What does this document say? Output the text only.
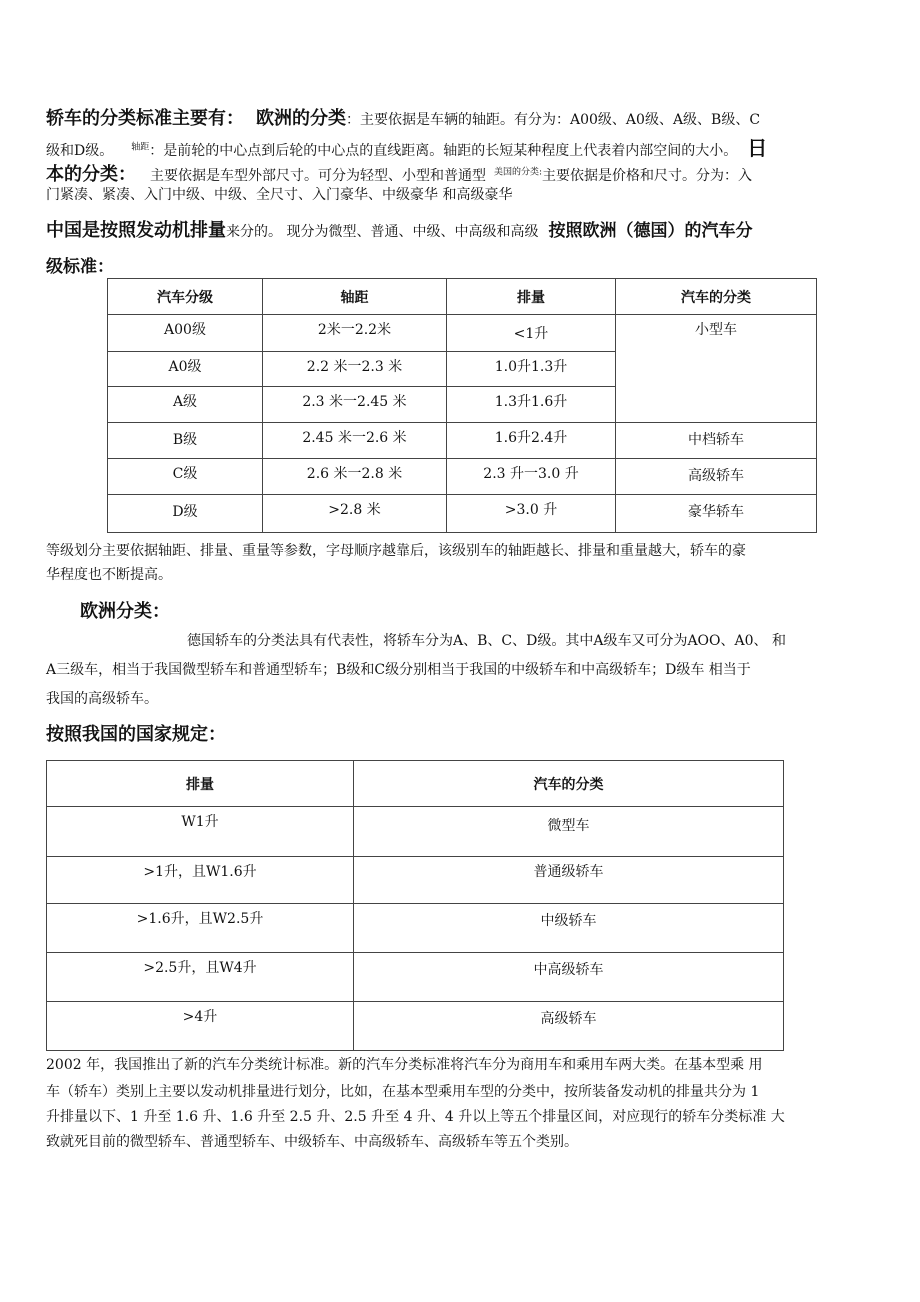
轿车的分类标准主要有： 欧洲的分类：主要依据是车辆的轴距。有分为：A00级、A0级、A级、B级、C
级和D级。 $^{轴距}$：是前轮的中心点到后轮的中心点的直线距离。轴距的长短某种程度上代表着内部空间的大小。 日
本的分类： 主要依据是车型外部尺寸。可分为轻型、小型和普通型 $^{美国的分类:}$主要依据是价格和尺寸。分为：入
门紧凑、紧凑、入门中级、中级、全尺寸、入门豪华、中级豪华 和高级豪华
中国是按照发动机排量来分的。 现分为微型、普通、中级、中高级和高级 按照欧洲（德国）的汽车分
级标准：
汽车分级	轴距	排量	汽车的分类
A00级	2米一2.2米	<1升	小型车
A0级	2.2 米一2.3 米	1.0升1.3升	
A级	2.3 米一2.45 米	1.3升1.6升	
B级	2.45 米一2.6 米	1.6升2.4升	中档轿车
C级	2.6 米一2.8 米	2.3 升一3.0 升	高级轿车
D级	>2.8 米	>3.0 升	豪华轿车
等级划分主要依据轴距、排量、重量等参数，字母顺序越靠后，该级别车的轴距越长、排量和重量越大，轿车的豪
华程度也不断提高。
欧洲分类：
德国轿车的分类法具有代表性，将轿车分为A、B、C、D级。其中A级车又可分为AOO、A0、 和
A三级车，相当于我国微型轿车和普通型轿车；B级和C级分别相当于我国的中级轿车和中高级轿车；D级车 相当于
我国的高级轿车。
按照我国的国家规定：
排量	汽车的分类
W1升	微型车
>1升，且W1.6升	普通级轿车
>1.6升，且W2.5升	中级轿车
>2.5升，且W4升	中高级轿车
>4升	高级轿车
2002 年，我国推出了新的汽车分类统计标准。新的汽车分类标准将汽车分为商用车和乘用车两大类。在基本型乘 用
车（轿车）类别上主要以发动机排量进行划分，比如，在基本型乘用车型的分类中，按所装备发动机的排量共分为 1
升排量以下、1 升至 1.6 升、1.6 升至 2.5 升、2.5 升至 4 升、4 升以上等五个排量区间，对应现行的轿车分类标准 大
致就死目前的微型轿车、普通型轿车、中级轿车、中高级轿车、高级轿车等五个类别。
